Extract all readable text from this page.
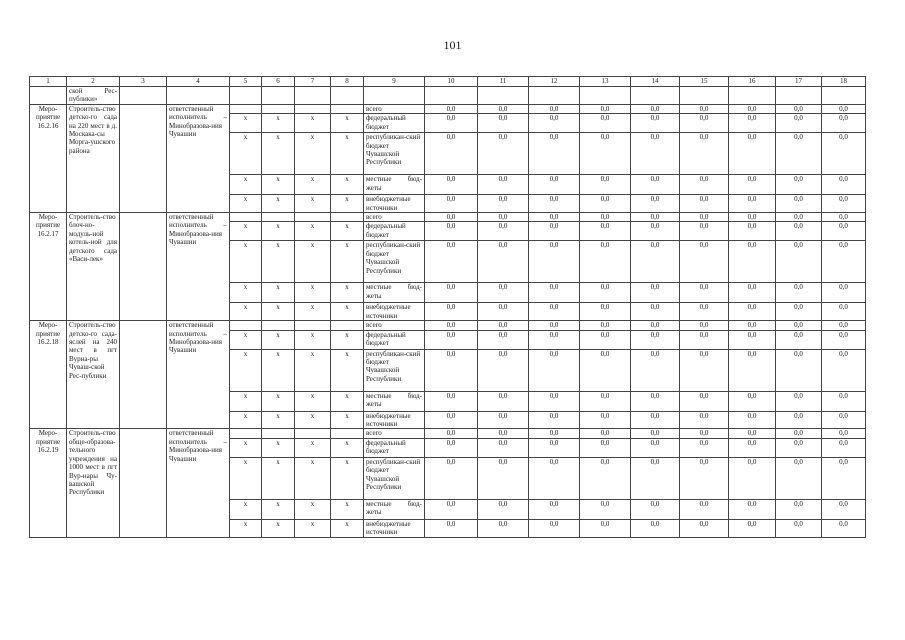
101
1	2	3	4	5	6	7	8	9	10	11	12	13	14	15	16	17	18
	ской Рес-публики»																
Меро-приятие 16.2.16	Строитель-ство детско-го сада на 220 мест в д. Москака-сы Морга-ушского района		ответственный исполнитель – Минобразова-ния Чувашии					всего	0,0	0,0	0,0	0,0	0,0	0,0	0,0	0,0	0,0
				х	х	х	х	федеральный бюджет	0,0	0,0	0,0	0,0	0,0	0,0	0,0	0,0	0,0
				х	х	х	х	республикан-ский бюджет Чувашской Республики	0,0	0,0	0,0	0,0	0,0	0,0	0,0	0,0	0,0
				х	х	х	х	местные бюд-жеты	0,0	0,0	0,0	0,0	0,0	0,0	0,0	0,0	0,0
				х	х	х	х	внебюджетные источники	0,0	0,0	0,0	0,0	0,0	0,0	0,0	0,0	0,0
Меро-приятие 16.2.17	Строитель-ство блоч-но-модуль-ной котель-ной для детского сада «Васи-лек»		ответственный исполнитель – Минобразова-ния Чувашии					всего	0,0	0,0	0,0	0,0	0,0	0,0	0,0	0,0	0,0
				х	х	х	х	федеральный бюджет	0,0	0,0	0,0	0,0	0,0	0,0	0,0	0,0	0,0
				х	х	х	х	республикан-ский бюджет Чувашской Республики	0,0	0,0	0,0	0,0	0,0	0,0	0,0	0,0	0,0
				х	х	х	х	местные бюд-жеты	0,0	0,0	0,0	0,0	0,0	0,0	0,0	0,0	0,0
				х	х	х	х	внебюджетные источники	0,0	0,0	0,0	0,0	0,0	0,0	0,0	0,0	0,0
Меро-приятие 16.2.18	Строитель-ство детско-го сада-яслей на 240 мест в пгт Вурна-ры Чуваш-ской Рес-публики		ответственный исполнитель – Минобразова-ния Чувашии					всего	0,0	0,0	0,0	0,0	0,0	0,0	0,0	0,0	0,0
				х	х	х	х	федеральный бюджет	0,0	0,0	0,0	0,0	0,0	0,0	0,0	0,0	0,0
				х	х	х	х	республикан-ский бюджет Чувашской Республики	0,0	0,0	0,0	0,0	0,0	0,0	0,0	0,0	0,0
				х	х	х	х	местные бюд-жеты	0,0	0,0	0,0	0,0	0,0	0,0	0,0	0,0	0,0
				х	х	х	х	внебюджетные источники	0,0	0,0	0,0	0,0	0,0	0,0	0,0	0,0	0,0
Меро-приятие 16.2.19	Строитель-ство обще-образова-тельного учреждения на 1000 мест в пгт Вур-нары Чу-вашской Республики		ответственный исполнитель – Минобразова-ния Чувашии					всего	0,0	0,0	0,0	0,0	0,0	0,0	0,0	0,0	0,0
				х	х	х	х	федеральный бюджет	0,0	0,0	0,0	0,0	0,0	0,0	0,0	0,0	0,0
				х	х	х	х	республикан-ский бюджет Чувашской Республики	0,0	0,0	0,0	0,0	0,0	0,0	0,0	0,0	0,0
				х	х	х	х	местные бюд-жеты	0,0	0,0	0,0	0,0	0,0	0,0	0,0	0,0	0,0
				х	х	х	х	внебюджетные источники	0,0	0,0	0,0	0,0	0,0	0,0	0,0	0,0	0,0
